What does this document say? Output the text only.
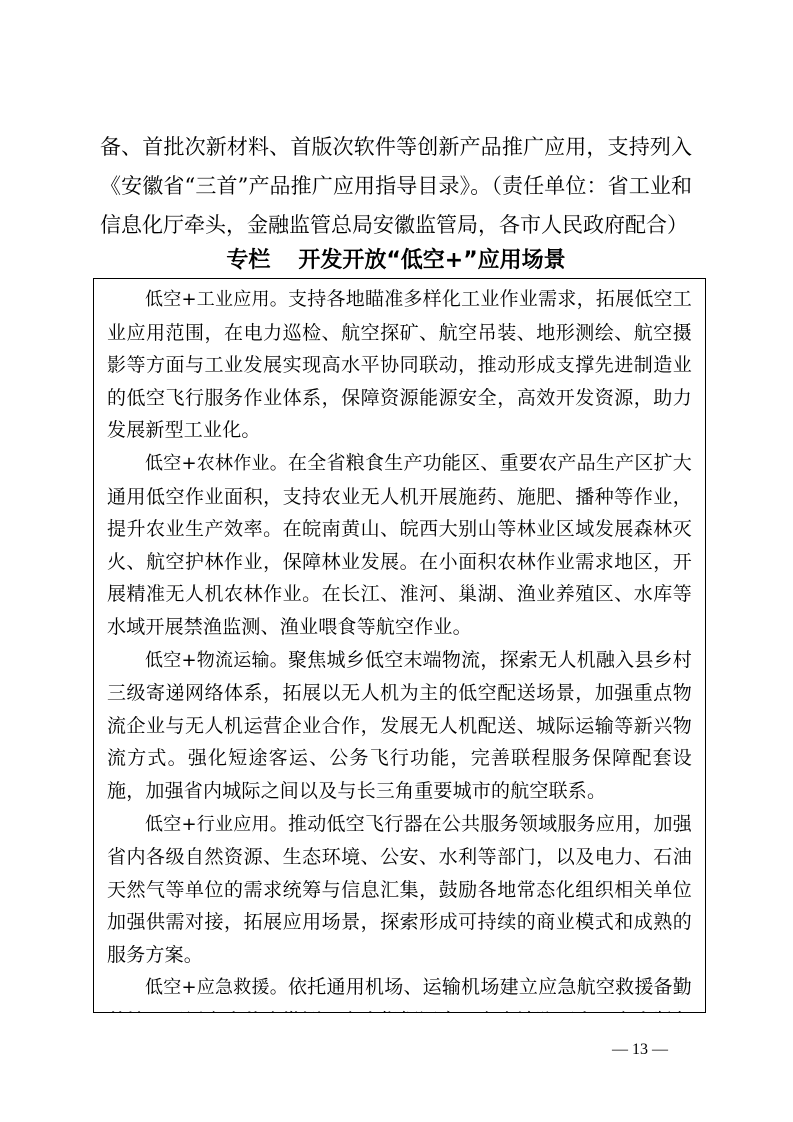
备、首批次新材料、首版次软件等创新产品推广应用，支持列入《安徽省“三首”产品推广应用指导目录》。（责任单位：省工业和信息化厅牵头，金融监管总局安徽监管局，各市人民政府配合）

专栏 开发开放“低空+”应用场景

低空+工业应用。支持各地瞄准多样化工业作业需求，拓展低空工业应用范围，在电力巡检、航空探矿、航空吊装、地形测绘、航空摄影等方面与工业发展实现高水平协同联动，推动形成支撑先进制造业的低空飞行服务作业体系，保障资源能源安全，高效开发资源，助力发展新型工业化。

低空+农林作业。在全省粮食生产功能区、重要农产品生产区扩大通用低空作业面积，支持农业无人机开展施药、施肥、播种等作业，提升农业生产效率。在皖南黄山、皖西大别山等林业区域发展森林灭火、航空护林作业，保障林业发展。在小面积农林作业需求地区，开展精准无人机农林作业。在长江、淮河、巢湖、渔业养殖区、水库等水域开展禁渔监测、渔业喂食等航空作业。

低空+物流运输。聚焦城乡低空末端物流，探索无人机融入县乡村三级寄递网络体系，拓展以无人机为主的低空配送场景，加强重点物流企业与无人机运营企业合作，发展无人机配送、城际运输等新兴物流方式。强化短途客运、公务飞行功能，完善联程服务保障配套设施，加强省内城际之间以及与长三角重要城市的航空联系。

低空+行业应用。推动低空飞行器在公共服务领域服务应用，加强省内各级自然资源、生态环境、公安、水利等部门，以及电力、石油天然气等单位的需求统筹与信息汇集，鼓励各地常态化组织相关单位加强供需对接，拓展应用场景，探索形成可持续的商业模式和成熟的服务方案。

低空+应急救援。依托通用机场、运输机场建立应急航空救援备勤

— 13 —
